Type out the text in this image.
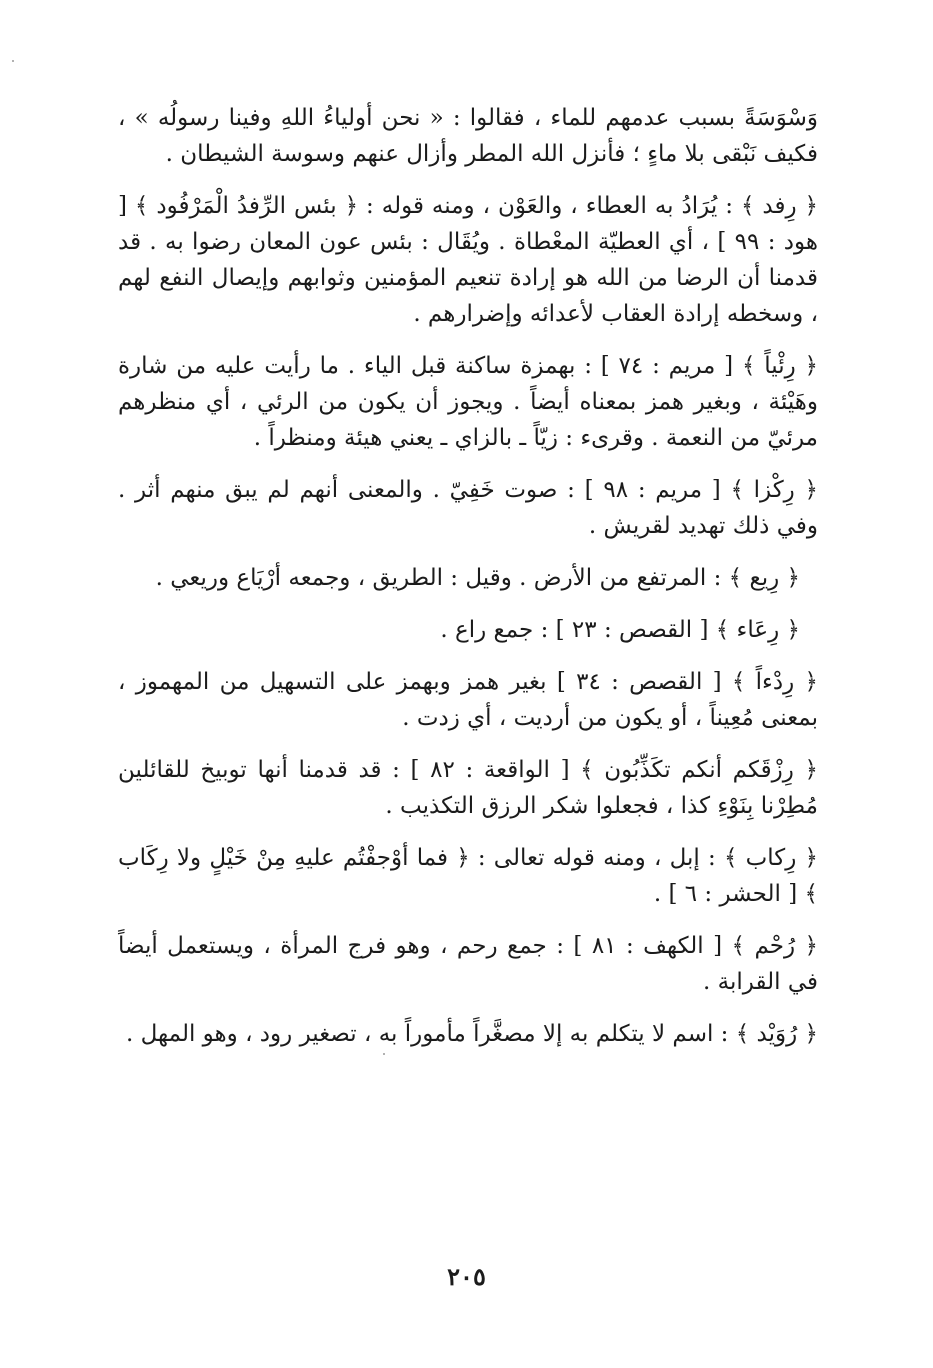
وَسْوَسَةً بسبب عدمهم للماء ، فقالوا : « نحن أولياءُ اللهِ وفينا رسولُه » ، فكيف نَبْقى بلا ماءٍ ؛ فأنزل الله المطر وأزال عنهم وسوسة الشيطان .

﴿ رِفد ﴾ : يُرَادُ به العطاء ، والعَوْن ، ومنه قوله : ﴿ بئس الرِّفدُ الْمَرْفُود ﴾ [ هود : ٩٩ ] ، أي العطيّة المعْطاة . ويُقَال : بئس عون المعان رضوا به . قد قدمنا أن الرضا من الله هو إرادة تنعيم المؤمنين وثوابهم وإيصال النفع لهم ، وسخطه إرادة العقاب لأعدائه وإضرارهم .

﴿ رِئْياً ﴾ [ مريم : ٧٤ ] : بهمزة ساكنة قبل الياء . ما رأيت عليه من شارة وهَيْئة ، وبغير همز بمعناه أيضاً . ويجوز أن يكون من الرئي ، أي منظرهم مرئيّ من النعمة . وقرىء : زيّاً ـ بالزاي ـ يعني هيئة ومنظراً .

﴿ رِكْزا ﴾ [ مريم : ٩٨ ] : صوت خَفِيّ . والمعنى أنهم لم يبق منهم أثر . وفي ذلك تهديد لقريش .

﴿ رِيع ﴾ : المرتفع من الأرض . وقيل : الطريق ، وجمعه أرْيَاع وريعي .

﴿ رِعَاء ﴾ [ القصص : ٢٣ ] : جمع راع .

﴿ رِدْءاً ﴾ [ القصص : ٣٤ ] بغير همز وبهمز على التسهيل من المهموز ، بمعنى مُعِيناً ، أو يكون من أرديت ، أي زدت .

﴿ رِزْقَكم أنكم تكَذِّبُون ﴾ [ الواقعة : ٨٢ ] : قد قدمنا أنها توبيخ للقائلين مُطِرْنا بِنَوْءِ كذا ، فجعلوا شكر الرزق التكذيب .

﴿ رِكاب ﴾ : إبل ، ومنه قوله تعالى : ﴿ فما أوْجفْتُم عليهِ مِنْ خَيْلٍ ولا رِكَاب ﴾ [ الحشر : ٦ ] .

﴿ رُحْم ﴾ [ الكهف : ٨١ ] : جمع رحم ، وهو فرج المرأة ، ويستعمل أيضاً في القرابة .

﴿ رُوَيْد ﴾ : اسم لا يتكلم به إلا مصغَّراً مأموراً به ، تصغير رود ، وهو المهل .

٢٠٥
